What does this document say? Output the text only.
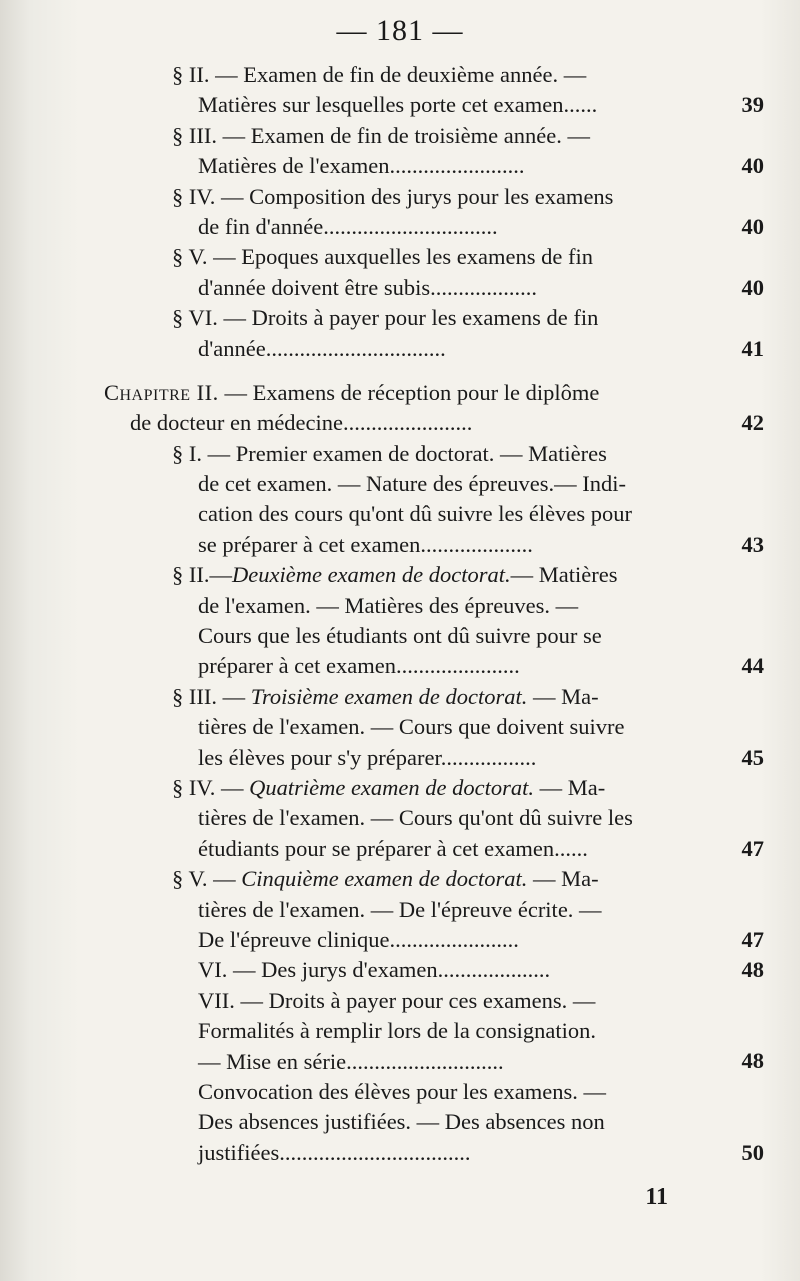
— 181 —
§ II. — Examen de fin de deuxième année. —
Matières sur lesquelles porte cet examen......	39
§ III. — Examen de fin de troisième année. —
Matières de l'examen........................	40
§ IV. — Composition des jurys pour les examens
de fin d'année...............................	40
§ V. — Epoques auxquelles les examens de fin
d'année doivent être subis...................	40
§ VI. — Droits à payer pour les examens de fin
d'année................................	41
Chapitre II. — Examens de réception pour le diplôme
de docteur en médecine.......................	42
§ I. — Premier examen de doctorat. — Matières
de cet examen. — Nature des épreuves.— Indi-
cation des cours qu'ont dû suivre les élèves pour
se préparer à cet examen....................	43
§ II.—Deuxième examen de doctorat.— Matières
de l'examen. — Matières des épreuves. —
Cours que les étudiants ont dû suivre pour se
préparer à cet examen......................	44
§ III. — Troisième examen de doctorat. — Ma-
tières de l'examen. — Cours que doivent suivre
les élèves pour s'y préparer.................	45
§ IV. — Quatrième examen de doctorat. — Ma-
tières de l'examen. — Cours qu'ont dû suivre les
étudiants pour se préparer à cet examen......	47
§ V. — Cinquième examen de doctorat. — Ma-
tières de l'examen. — De l'épreuve écrite. —
De l'épreuve clinique.......................	47
VI. — Des jurys d'examen....................	48
VII. — Droits à payer pour ces examens. —
Formalités à remplir lors de la consignation.
— Mise en série............................	48
Convocation des élèves pour les examens. —
Des absences justifiées. — Des absences non
justifiées..................................	50
11
